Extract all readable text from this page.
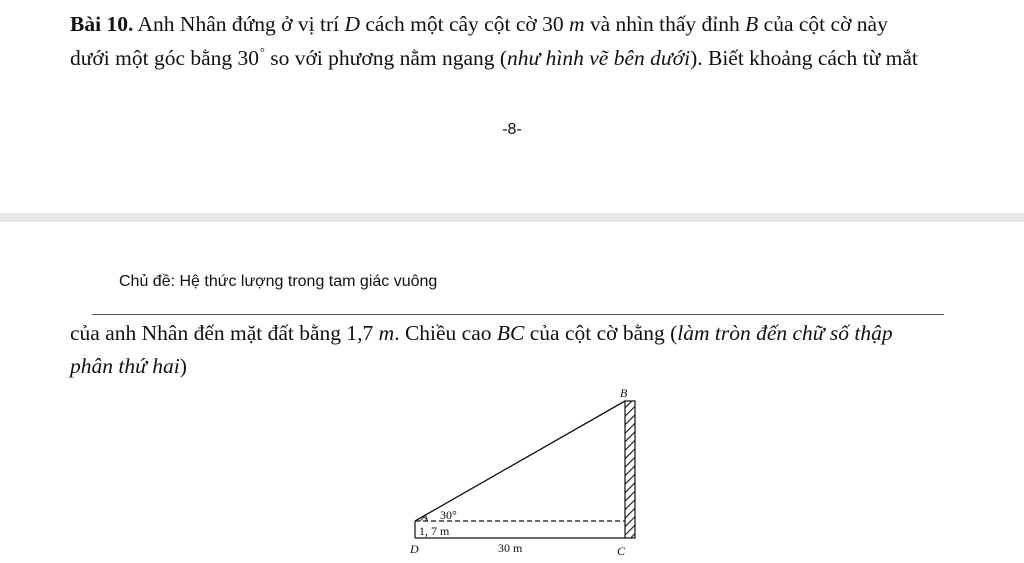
Bài 10. Anh Nhân đứng ở vị trí D cách một cây cột cờ 30 m và nhìn thấy đỉnh B của cột cờ này
dưới một góc bằng 30° so với phương nằm ngang (như hình vẽ bên dưới). Biết khoảng cách từ mắt
-8-
Chủ đề: Hệ thức lượng trong tam giác vuông
của anh Nhân đến mặt đất bằng 1,7 m. Chiều cao BC của cột cờ bằng (làm tròn đến chữ số thập
phân thứ hai)
B
C
D
30°
1, 7 m
30 m
